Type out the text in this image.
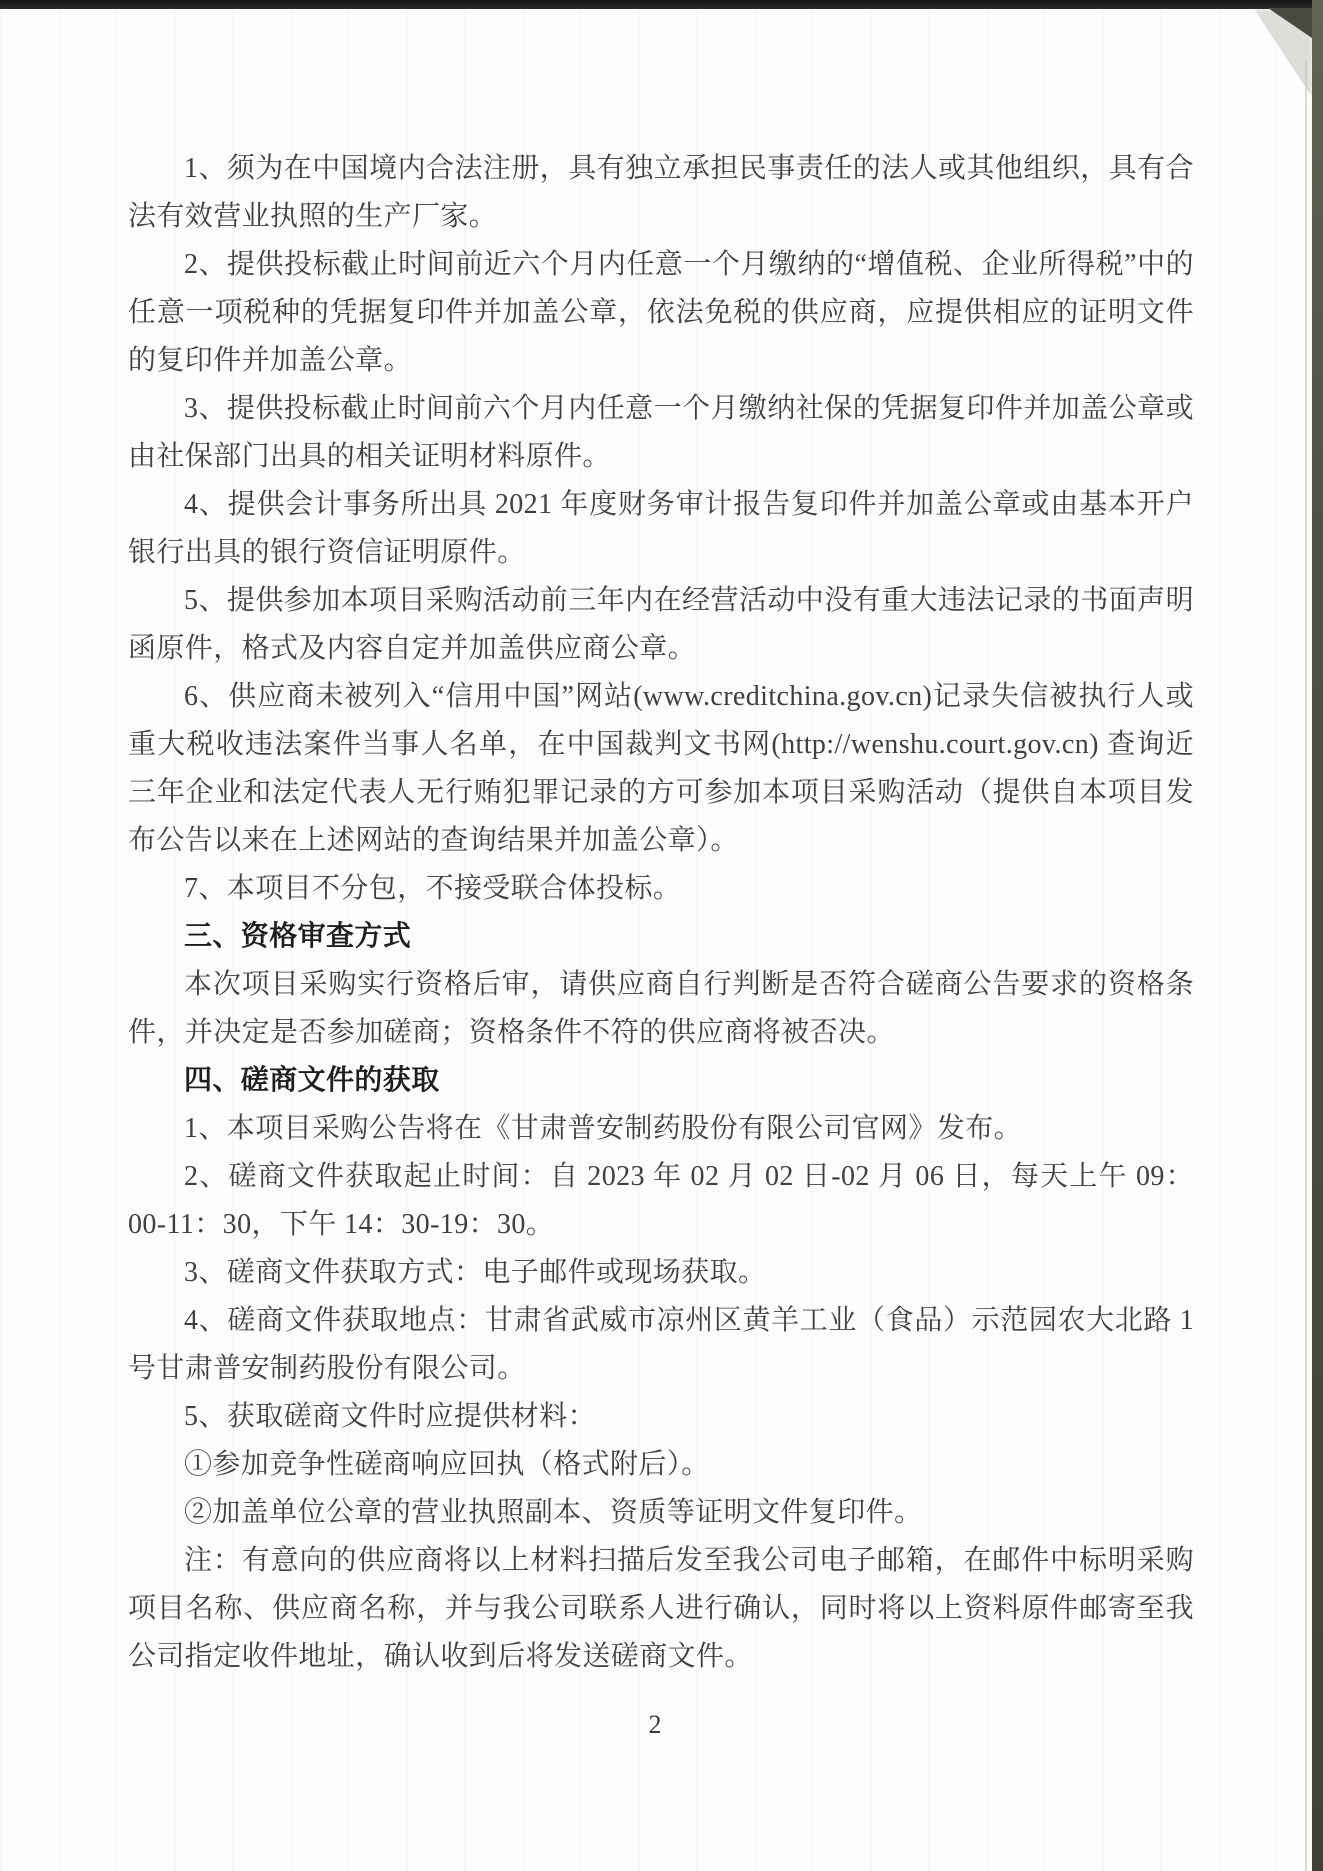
1、须为在中国境内合法注册，具有独立承担民事责任的法人或其他组织，具有合法有效营业执照的生产厂家。

2、提供投标截止时间前近六个月内任意一个月缴纳的“增值税、企业所得税”中的任意一项税种的凭据复印件并加盖公章，依法免税的供应商，应提供相应的证明文件的复印件并加盖公章。

3、提供投标截止时间前六个月内任意一个月缴纳社保的凭据复印件并加盖公章或由社保部门出具的相关证明材料原件。

4、提供会计事务所出具 2021 年度财务审计报告复印件并加盖公章或由基本开户银行出具的银行资信证明原件。

5、提供参加本项目采购活动前三年内在经营活动中没有重大违法记录的书面声明函原件，格式及内容自定并加盖供应商公章。

6、供应商未被列入“信用中国”网站(www.creditchina.gov.cn)记录失信被执行人或重大税收违法案件当事人名单，在中国裁判文书网(http://wenshu.court.gov.cn) 查询近三年企业和法定代表人无行贿犯罪记录的方可参加本项目采购活动（提供自本项目发布公告以来在上述网站的查询结果并加盖公章）。

7、本项目不分包，不接受联合体投标。

三、资格审查方式

本次项目采购实行资格后审，请供应商自行判断是否符合磋商公告要求的资格条件，并决定是否参加磋商；资格条件不符的供应商将被否决。

四、磋商文件的获取

1、本项目采购公告将在《甘肃普安制药股份有限公司官网》发布。

2、磋商文件获取起止时间：自 2023 年 02 月 02 日-02 月 06 日，每天上午 09：00-11：30，下午 14：30-19：30。

3、磋商文件获取方式：电子邮件或现场获取。

4、磋商文件获取地点：甘肃省武威市凉州区黄羊工业（食品）示范园农大北路 1 号甘肃普安制药股份有限公司。

5、获取磋商文件时应提供材料：

①参加竞争性磋商响应回执（格式附后）。

②加盖单位公章的营业执照副本、资质等证明文件复印件。

注：有意向的供应商将以上材料扫描后发至我公司电子邮箱，在邮件中标明采购项目名称、供应商名称，并与我公司联系人进行确认，同时将以上资料原件邮寄至我公司指定收件地址，确认收到后将发送磋商文件。

2
